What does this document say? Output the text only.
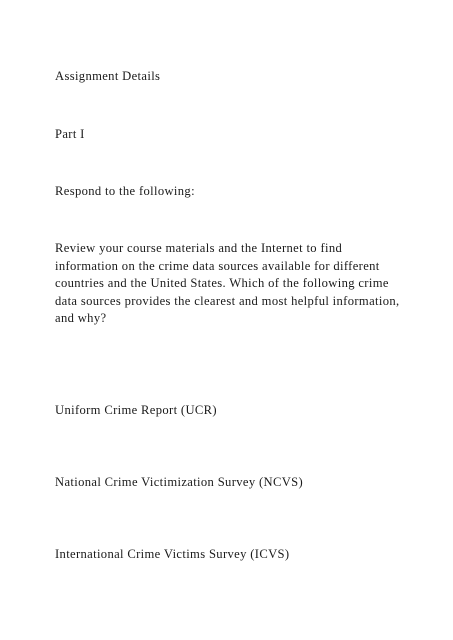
Assignment Details

Part I

Respond to the following:

Review your course materials and the Internet to find
information on the crime data sources available for different
countries and the United States. Which of the following crime
data sources provides the clearest and most helpful information,
and why?

Uniform Crime Report (UCR)

National Crime Victimization Survey (NCVS)

International Crime Victims Survey (ICVS)
